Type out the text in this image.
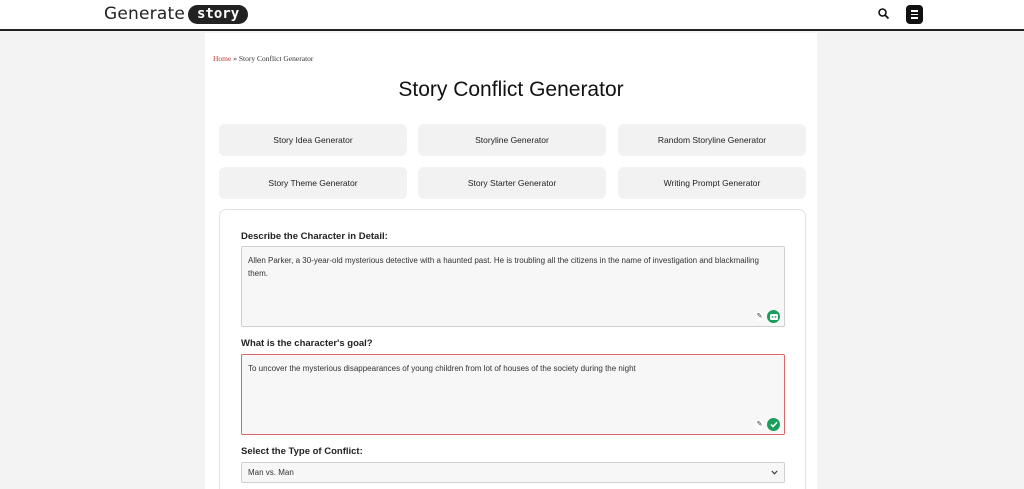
Generate story
Home » Story Conflict Generator
Story Conflict Generator
Story Idea Generator	Storyline Generator	Random Storyline Generator
Story Theme Generator	Story Starter Generator	Writing Prompt Generator
Describe the Character in Detail:
Allen Parker, a 30-year-old mysterious detective with a haunted past. He is troubling all the citizens in the name of investigation and blackmailing them.
✎
What is the character's goal?
To uncover the mysterious disappearances of young children from lot of houses of the society during the night
✎
Select the Type of Conflict:
Man vs. Man
